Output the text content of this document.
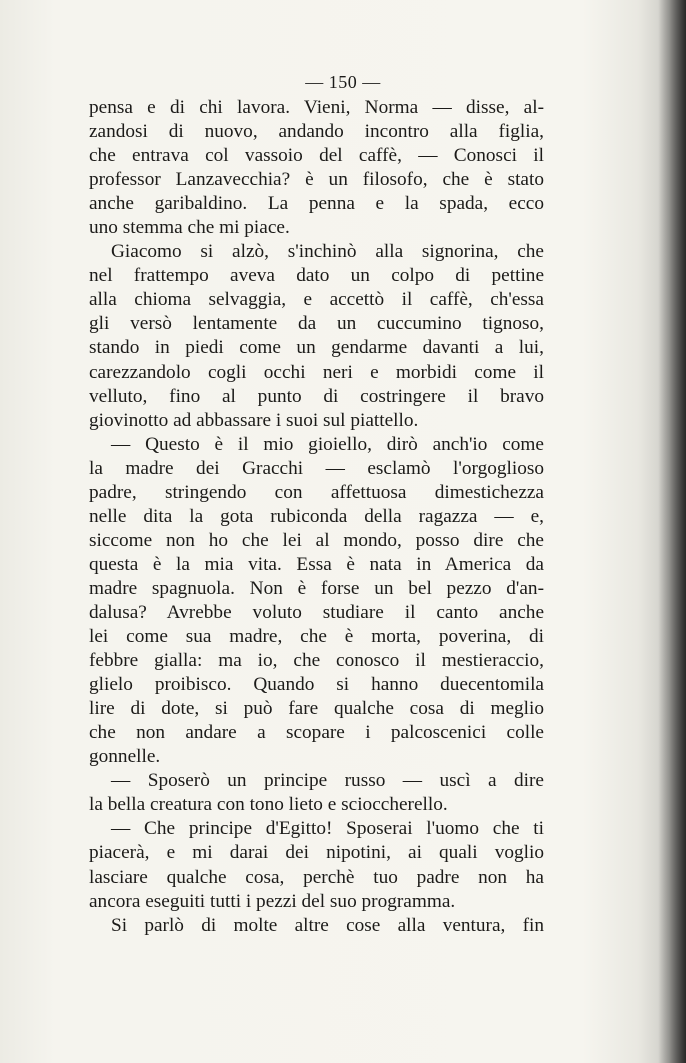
— 150 —
pensa e di chi lavora. Vieni, Norma — disse, al-
zandosi di nuovo, andando incontro alla figlia,
che entrava col vassoio del caffè, — Conosci il
professor Lanzavecchia? è un filosofo, che è stato
anche garibaldino. La penna e la spada, ecco
uno stemma che mi piace.
Giacomo si alzò, s'inchinò alla signorina, che
nel frattempo aveva dato un colpo di pettine
alla chioma selvaggia, e accettò il caffè, ch'essa
gli versò lentamente da un cuccumino tignoso,
stando in piedi come un gendarme davanti a lui,
carezzandolo cogli occhi neri e morbidi come il
velluto, fino al punto di costringere il bravo
giovinotto ad abbassare i suoi sul piattello.
— Questo è il mio gioiello, dirò anch'io come
la madre dei Gracchi — esclamò l'orgoglioso
padre, stringendo con affettuosa dimestichezza
nelle dita la gota rubiconda della ragazza — e,
siccome non ho che lei al mondo, posso dire che
questa è la mia vita. Essa è nata in America da
madre spagnuola. Non è forse un bel pezzo d'an-
dalusa? Avrebbe voluto studiare il canto anche
lei come sua madre, che è morta, poverina, di
febbre gialla: ma io, che conosco il mestieraccio,
glielo proibisco. Quando si hanno duecentomila
lire di dote, si può fare qualche cosa di meglio
che non andare a scopare i palcoscenici colle
gonnelle.
— Sposerò un principe russo — uscì a dire
la bella creatura con tono lieto e scioccherello.
— Che principe d'Egitto! Sposerai l'uomo che ti
piacerà, e mi darai dei nipotini, ai quali voglio
lasciare qualche cosa, perchè tuo padre non ha
ancora eseguiti tutti i pezzi del suo programma.
Si parlò di molte altre cose alla ventura, fin
